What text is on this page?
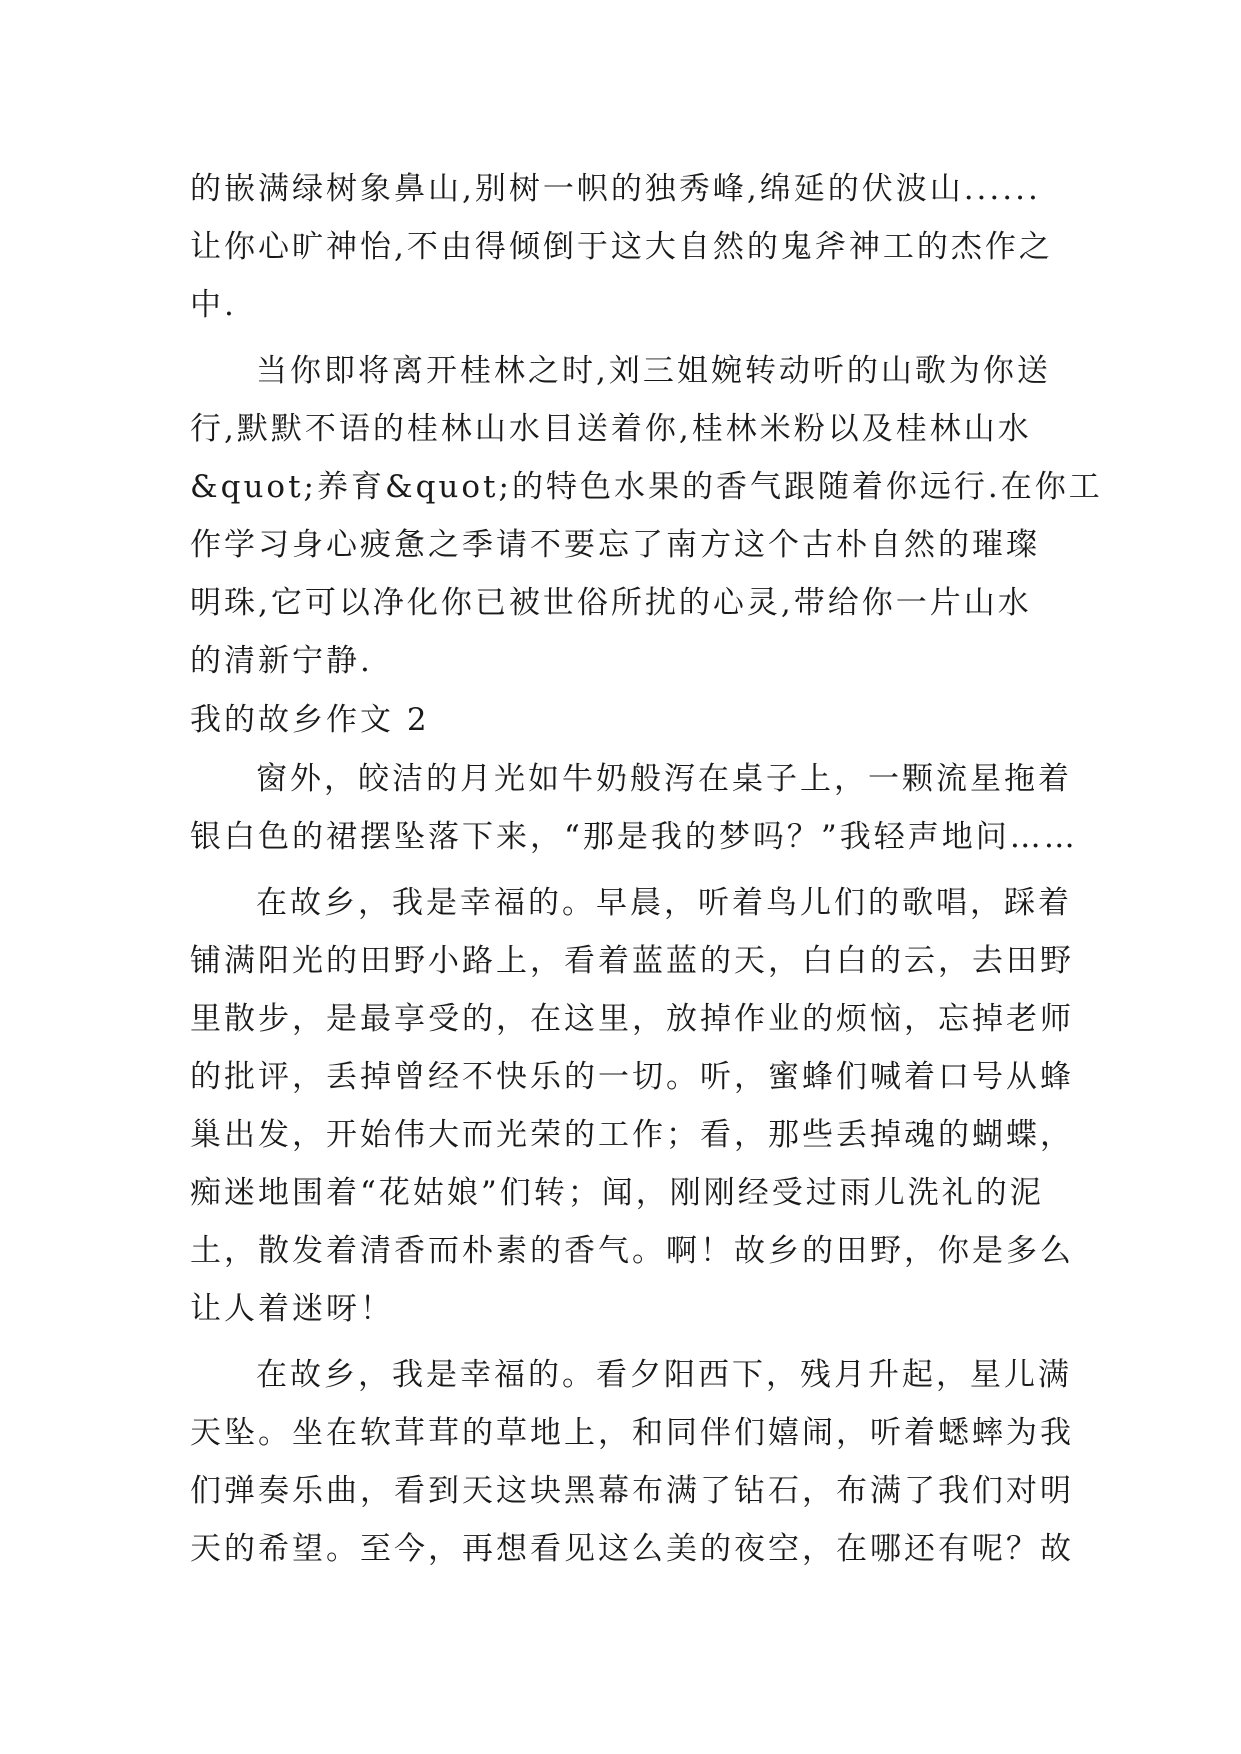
的嵌满绿树象鼻山,别树一帜的独秀峰,绵延的伏波山......
让你心旷神怡,不由得倾倒于这大自然的鬼斧神工的杰作之
中.
当你即将离开桂林之时,刘三姐婉转动听的山歌为你送
行,默默不语的桂林山水目送着你,桂林米粉以及桂林山水
&quot;养育&quot;的特色水果的香气跟随着你远行.在你工
作学习身心疲惫之季请不要忘了南方这个古朴自然的璀璨
明珠,它可以净化你已被世俗所扰的心灵,带给你一片山水
的清新宁静.
我的故乡作文 2
窗外，皎洁的月光如牛奶般泻在桌子上，一颗流星拖着
银白色的裙摆坠落下来，“那是我的梦吗？”我轻声地问……
在故乡，我是幸福的。早晨，听着鸟儿们的歌唱，踩着
铺满阳光的田野小路上，看着蓝蓝的天，白白的云，去田野
里散步，是最享受的，在这里，放掉作业的烦恼，忘掉老师
的批评，丢掉曾经不快乐的一切。听，蜜蜂们喊着口号从蜂
巢出发，开始伟大而光荣的工作；看，那些丢掉魂的蝴蝶，
痴迷地围着“花姑娘”们转；闻，刚刚经受过雨儿洗礼的泥
土，散发着清香而朴素的香气。啊！故乡的田野，你是多么
让人着迷呀！
在故乡，我是幸福的。看夕阳西下，残月升起，星儿满
天坠。坐在软茸茸的草地上，和同伴们嬉闹，听着蟋蟀为我
们弹奏乐曲，看到天这块黑幕布满了钻石，布满了我们对明
天的希望。至今，再想看见这么美的夜空，在哪还有呢？故
